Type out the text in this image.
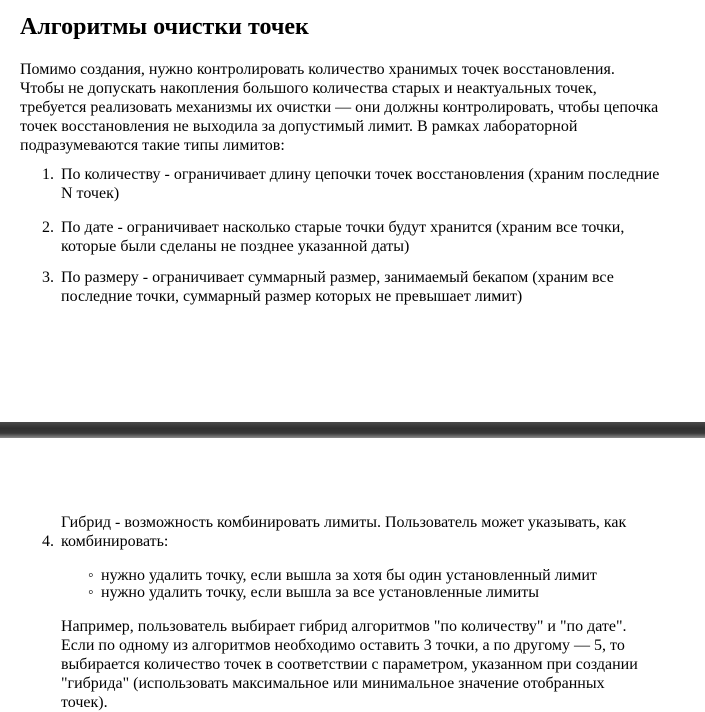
Алгоритмы очистки точек

Помимо создания, нужно контролировать количество хранимых точек восстановления. Чтобы не допускать накопления большого количества старых и неактуальных точек, требуется реализовать механизмы их очистки — они должны контролировать, чтобы цепочка точек восстановления не выходила за допустимый лимит. В рамках лабораторной подразумеваются такие типы лимитов:

1. По количеству - ограничивает длину цепочки точек восстановления (храним последние N точек)
2. По дате - ограничивает насколько старые точки будут хранится (храним все точки, которые были сделаны не позднее указанной даты)
3. По размеру - ограничивает суммарный размер, занимаемый бекапом (храним все последние точки, суммарный размер которых не превышает лимит)
4.
Гибрид - возможность комбинировать лимиты. Пользователь может указывать, как комбинировать:
◦ нужно удалить точку, если вышла за хотя бы один установленный лимит
◦ нужно удалить точку, если вышла за все установленные лимиты

Например, пользователь выбирает гибрид алгоритмов "по количеству" и "по дате". Если по одному из алгоритмов необходимо оставить 3 точки, а по другому — 5, то выбирается количество точек в соответствии с параметром, указанном при создании "гибрида" (использовать максимальное или минимальное значение отобранных точек).
